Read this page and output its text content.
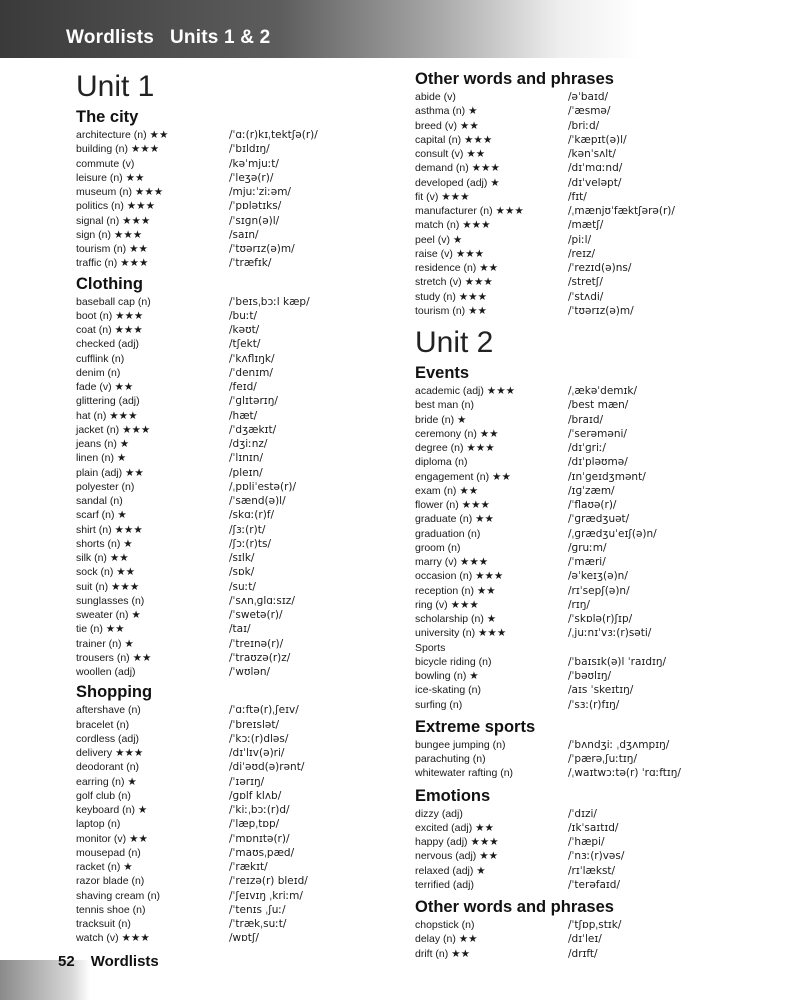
Wordlists Units 1 & 2
Unit 1
The city
architecture (n) ★★	/ˈɑː(r)kɪˌtektʃə(r)/
building (n) ★★★	/ˈbɪldɪŋ/
commute (v)	/kəˈmjuːt/
leisure (n) ★★	/ˈleʒə(r)/
museum (n) ★★★	/mjuːˈziːəm/
politics (n) ★★★	/ˈpɒlətɪks/
signal (n) ★★★	/ˈsɪɡn(ə)l/
sign (n) ★★★	/saɪn/
tourism (n) ★★	/ˈtʊərɪz(ə)m/
traffic (n) ★★★	/ˈtræfɪk/
Clothing
baseball cap (n)	/ˈbeɪsˌbɔːl kæp/
boot (n) ★★★	/buːt/
coat (n) ★★★	/kəʊt/
checked (adj)	/tʃekt/
cufflink (n)	/ˈkʌflɪŋk/
denim (n)	/ˈdenɪm/
fade (v) ★★	/feɪd/
glittering (adj)	/ˈɡlɪtərɪŋ/
hat (n) ★★★	/hæt/
jacket (n) ★★★	/ˈdʒækɪt/
jeans (n) ★	/dʒiːnz/
linen (n) ★	/ˈlɪnɪn/
plain (adj) ★★	/pleɪn/
polyester (n)	/ˌpɒliˈestə(r)/
sandal (n)	/ˈsænd(ə)l/
scarf (n) ★	/skɑː(r)f/
shirt (n) ★★★	/ʃɜː(r)t/
shorts (n) ★	/ʃɔː(r)ts/
silk (n) ★★	/sɪlk/
sock (n) ★★	/sɒk/
suit (n) ★★★	/suːt/
sunglasses (n)	/ˈsʌnˌɡlɑːsɪz/
sweater (n) ★	/ˈswetə(r)/
tie (n) ★★	/taɪ/
trainer (n) ★	/ˈtreɪnə(r)/
trousers (n) ★★	/ˈtraʊzə(r)z/
woollen (adj)	/ˈwʊlən/
Shopping
aftershave (n)	/ˈɑːftə(r)ˌʃeɪv/
bracelet (n)	/ˈbreɪslət/
cordless (adj)	/ˈkɔː(r)dləs/
delivery ★★★	/dɪˈlɪv(ə)ri/
deodorant (n)	/diˈəʊd(ə)rənt/
earring (n) ★	/ˈɪərɪŋ/
golf club (n)	/ɡɒlf klʌb/
keyboard (n) ★	/ˈkiːˌbɔː(r)d/
laptop (n)	/ˈlæpˌtɒp/
monitor (v) ★★	/ˈmɒnɪtə(r)/
mousepad (n)	/ˈmaʊsˌpæd/
racket (n) ★	/ˈrækɪt/
razor blade (n)	/ˈreɪzə(r) bleɪd/
shaving cream (n)	/ˈʃeɪvɪŋ ˌkriːm/
tennis shoe (n)	/ˈtenɪs ˌʃuː/
tracksuit (n)	/ˈtrækˌsuːt/
watch (v) ★★★	/wɒtʃ/
Other words and phrases
abide (v)	/əˈbaɪd/
asthma (n) ★	/ˈæsmə/
breed (v) ★★	/briːd/
capital (n) ★★★	/ˈkæpɪt(ə)l/
consult (v) ★★	/kənˈsʌlt/
demand (n) ★★★	/dɪˈmɑːnd/
developed (adj) ★	/dɪˈveləpt/
fit (v) ★★★	/fɪt/
manufacturer (n) ★★★	/ˌmænjʊˈfæktʃərə(r)/
match (n) ★★★	/mætʃ/
peel (v) ★	/piːl/
raise (v) ★★★	/reɪz/
residence (n) ★★	/ˈrezɪd(ə)ns/
stretch (v) ★★★	/stretʃ/
study (n) ★★★	/ˈstʌdi/
tourism (n) ★★	/ˈtʊərɪz(ə)m/
Unit 2
Events
academic (adj) ★★★	/ˌækəˈdemɪk/
best man (n)	/best mæn/
bride (n) ★	/braɪd/
ceremony (n) ★★	/ˈserəməni/
degree (n) ★★★	/dɪˈɡriː/
diploma (n)	/dɪˈpləʊmə/
engagement (n) ★★	/ɪnˈɡeɪdʒmənt/
exam (n) ★★	/ɪɡˈzæm/
flower (n) ★★★	/ˈflaʊə(r)/
graduate (n) ★★	/ˈɡrædʒuət/
graduation (n)	/ˌɡrædʒuˈeɪʃ(ə)n/
groom (n)	/ɡruːm/
marry (v) ★★★	/ˈmæri/
occasion (n) ★★★	/əˈkeɪʒ(ə)n/
reception (n) ★★	/rɪˈsepʃ(ə)n/
ring (v) ★★★	/rɪŋ/
scholarship (n) ★	/ˈskɒlə(r)ʃɪp/
university (n) ★★★	/ˌjuːnɪˈvɜː(r)səti/
Sports
bicycle riding (n)	/ˈbaɪsɪk(ə)l ˈraɪdɪŋ/
bowling (n) ★	/ˈbəʊlɪŋ/
ice-skating (n)	/aɪs ˈskeɪtɪŋ/
surfing (n)	/ˈsɜː(r)fɪŋ/
Extreme sports
bungee jumping (n)	/ˈbʌndʒiː ˌdʒʌmpɪŋ/
parachuting (n)	/ˈpærəˌʃuːtɪŋ/
whitewater rafting (n)	/ˌwaɪtwɔːtə(r) ˈrɑːftɪŋ/
Emotions
dizzy (adj)	/ˈdɪzi/
excited (adj) ★★	/ɪkˈsaɪtɪd/
happy (adj) ★★★	/ˈhæpi/
nervous (adj) ★★	/ˈnɜː(r)vəs/
relaxed (adj) ★	/rɪˈlækst/
terrified (adj)	/ˈterəfaɪd/
Other words and phrases
chopstick (n)	/ˈtʃɒpˌstɪk/
delay (n) ★★	/dɪˈleɪ/
drift (n) ★★	/drɪft/
52 Wordlists
